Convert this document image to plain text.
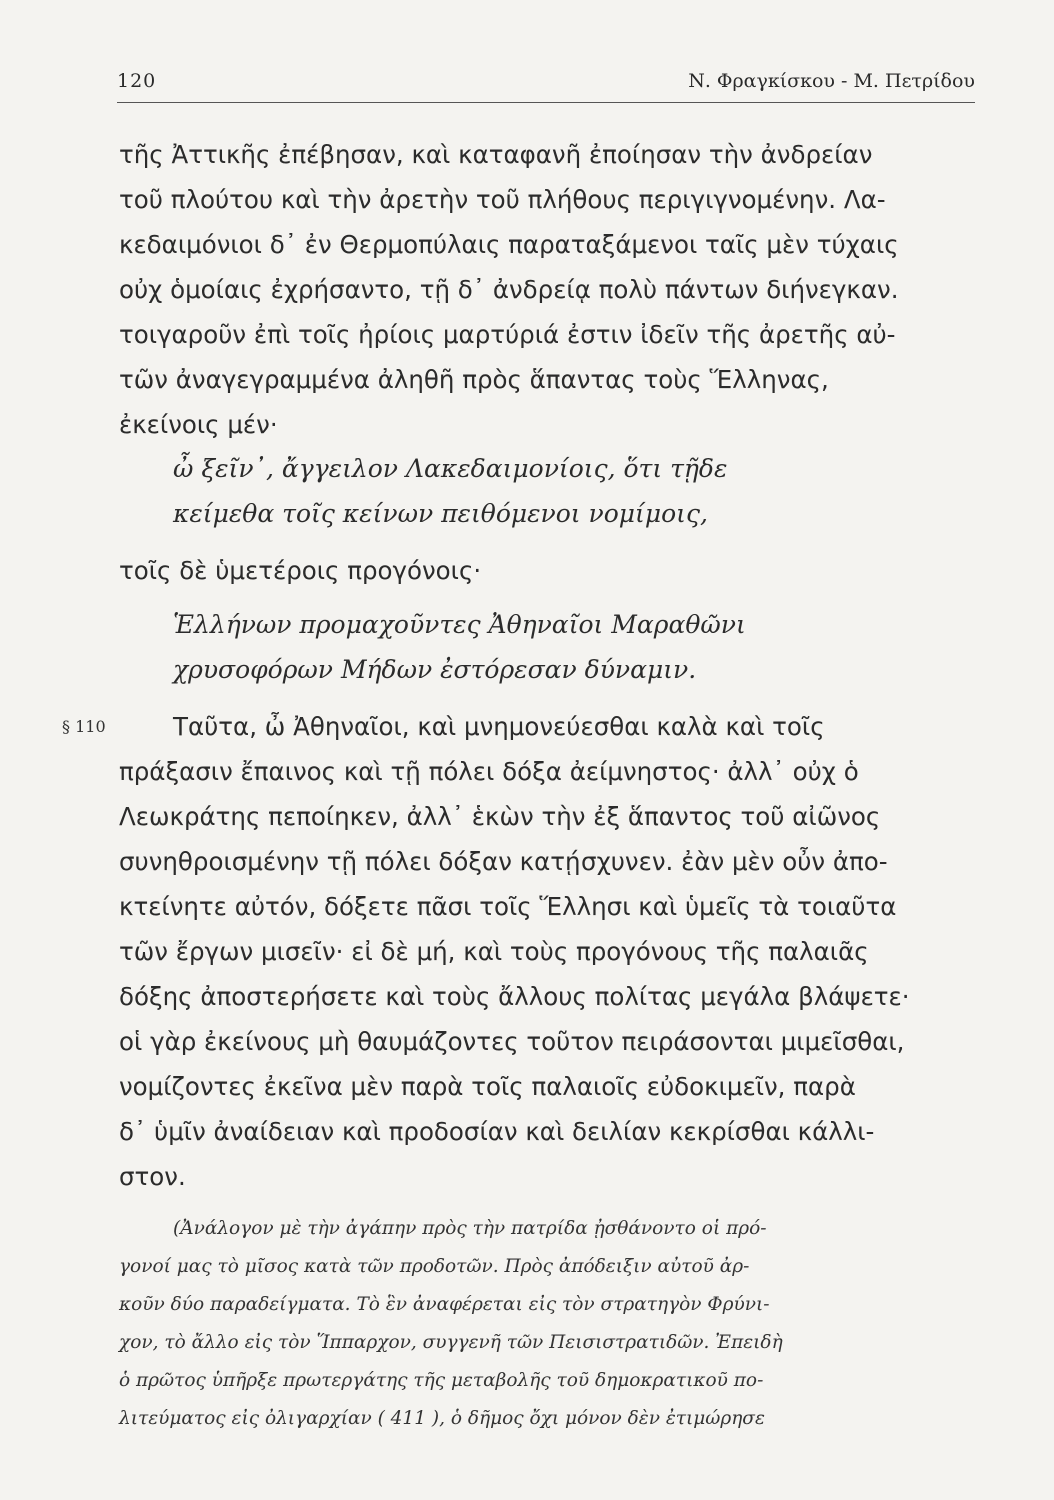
120	Ν. Φραγκίσκου - Μ. Πετρίδου
τῆς Ἀττικῆς ἐπέβησαν, καὶ καταφανῆ ἐποίησαν τὴν ἀνδρείαν
τοῦ πλούτου καὶ τὴν ἀρετὴν τοῦ πλήθους περιγιγνομένην. Λα-
κεδαιμόνιοι δ᾽ ἐν Θερμοπύλαις παραταξάμενοι ταῖς μὲν τύχαις
οὐχ ὁμοίαις ἐχρήσαντο, τῇ δ᾽ ἀνδρείᾳ πολὺ πάντων διήνεγκαν.
τοιγαροῦν ἐπὶ τοῖς ἠρίοις μαρτύριά ἐστιν ἰδεῖν τῆς ἀρετῆς αὐ-
τῶν ἀναγεγραμμένα ἀληθῆ πρὸς ἅπαντας τοὺς Ἕλληνας,
ἐκείνοις μέν·
ὦ ξεῖν᾽, ἄγγειλον Λακεδαιμονίοις, ὅτι τῇδε
κείμεθα τοῖς κείνων πειθόμενοι νομίμοις,
τοῖς δὲ ὑμετέροις προγόνοις·
Ἑλλήνων προμαχοῦντες Ἀθηναῖοι Μαραθῶνι
χρυσοφόρων Μήδων ἐστόρεσαν δύναμιν.
§ 110	Ταῦτα, ὦ Ἀθηναῖοι, καὶ μνημονεύεσθαι καλὰ καὶ τοῖς
πράξασιν ἔπαινος καὶ τῇ πόλει δόξα ἀείμνηστος· ἀλλ᾽ οὐχ ὁ
Λεωκράτης πεποίηκεν, ἀλλ᾽ ἑκὼν τὴν ἐξ ἅπαντος τοῦ αἰῶνος
συνηθροισμένην τῇ πόλει δόξαν κατῄσχυνεν. ἐὰν μὲν οὖν ἀπο-
κτείνητε αὐτόν, δόξετε πᾶσι τοῖς Ἕλλησι καὶ ὑμεῖς τὰ τοιαῦτα
τῶν ἔργων μισεῖν· εἰ δὲ μή, καὶ τοὺς προγόνους τῆς παλαιᾶς
δόξης ἀποστερήσετε καὶ τοὺς ἄλλους πολίτας μεγάλα βλάψετε·
οἱ γὰρ ἐκείνους μὴ θαυμάζοντες τοῦτον πειράσονται μιμεῖσθαι,
νομίζοντες ἐκεῖνα μὲν παρὰ τοῖς παλαιοῖς εὐδοκιμεῖν, παρὰ
δ᾽ ὑμῖν ἀναίδειαν καὶ προδοσίαν καὶ δειλίαν κεκρίσθαι κάλλι-
στον.
(Ἀνάλογον μὲ τὴν ἀγάπην πρὸς τὴν πατρίδα ᾐσθάνοντο οἱ πρό-
γονοί μας τὸ μῖσος κατὰ τῶν προδοτῶν. Πρὸς ἀπόδειξιν αὐτοῦ ἀρ-
κοῦν δύο παραδείγματα. Τὸ ἓν ἀναφέρεται εἰς τὸν στρατηγὸν Φρύνι-
χον, τὸ ἄλλο εἰς τὸν Ἵππαρχον, συγγενῆ τῶν Πεισιστρατιδῶν. Ἐπειδὴ
ὁ πρῶτος ὑπῆρξε πρωτεργάτης τῆς μεταβολῆς τοῦ δημοκρατικοῦ πο-
λιτεύματος εἰς ὀλιγαρχίαν ( 411 ), ὁ δῆμος ὄχι μόνον δὲν ἐτιμώρησε
